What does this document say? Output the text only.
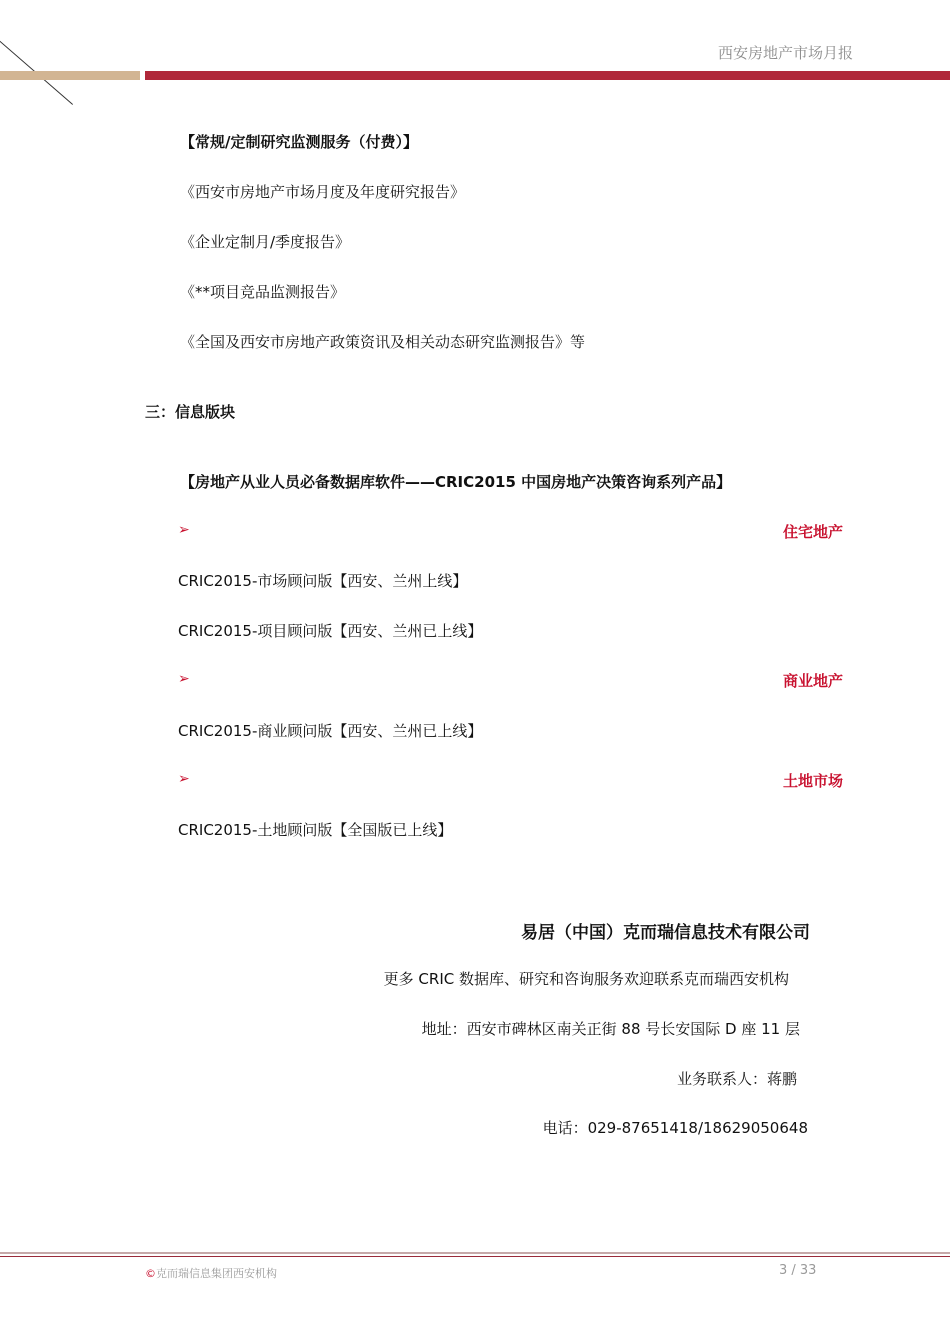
西安房地产市场月报
【常规/定制研究监测服务（付费）】
《西安市房地产市场月度及年度研究报告》
《企业定制月/季度报告》
《**项目竞品监测报告》
《全国及西安市房地产政策资讯及相关动态研究监测报告》等
三：信息版块
【房地产从业人员必备数据库软件——CRIC2015 中国房地产决策咨询系列产品】
➢	住宅地产
CRIC2015-市场顾问版【西安、兰州上线】
CRIC2015-项目顾问版【西安、兰州已上线】
➢	商业地产
CRIC2015-商业顾问版【西安、兰州已上线】
➢	土地市场
CRIC2015-土地顾问版【全国版已上线】
易居（中国）克而瑞信息技术有限公司
更多 CRIC 数据库、研究和咨询服务欢迎联系克而瑞西安机构
地址：西安市碑林区南关正街 88 号长安国际 D 座 11 层
业务联系人：蒋鹏
电话：029-87651418/18629050648
©克而瑞信息集团西安机构	3 / 33
